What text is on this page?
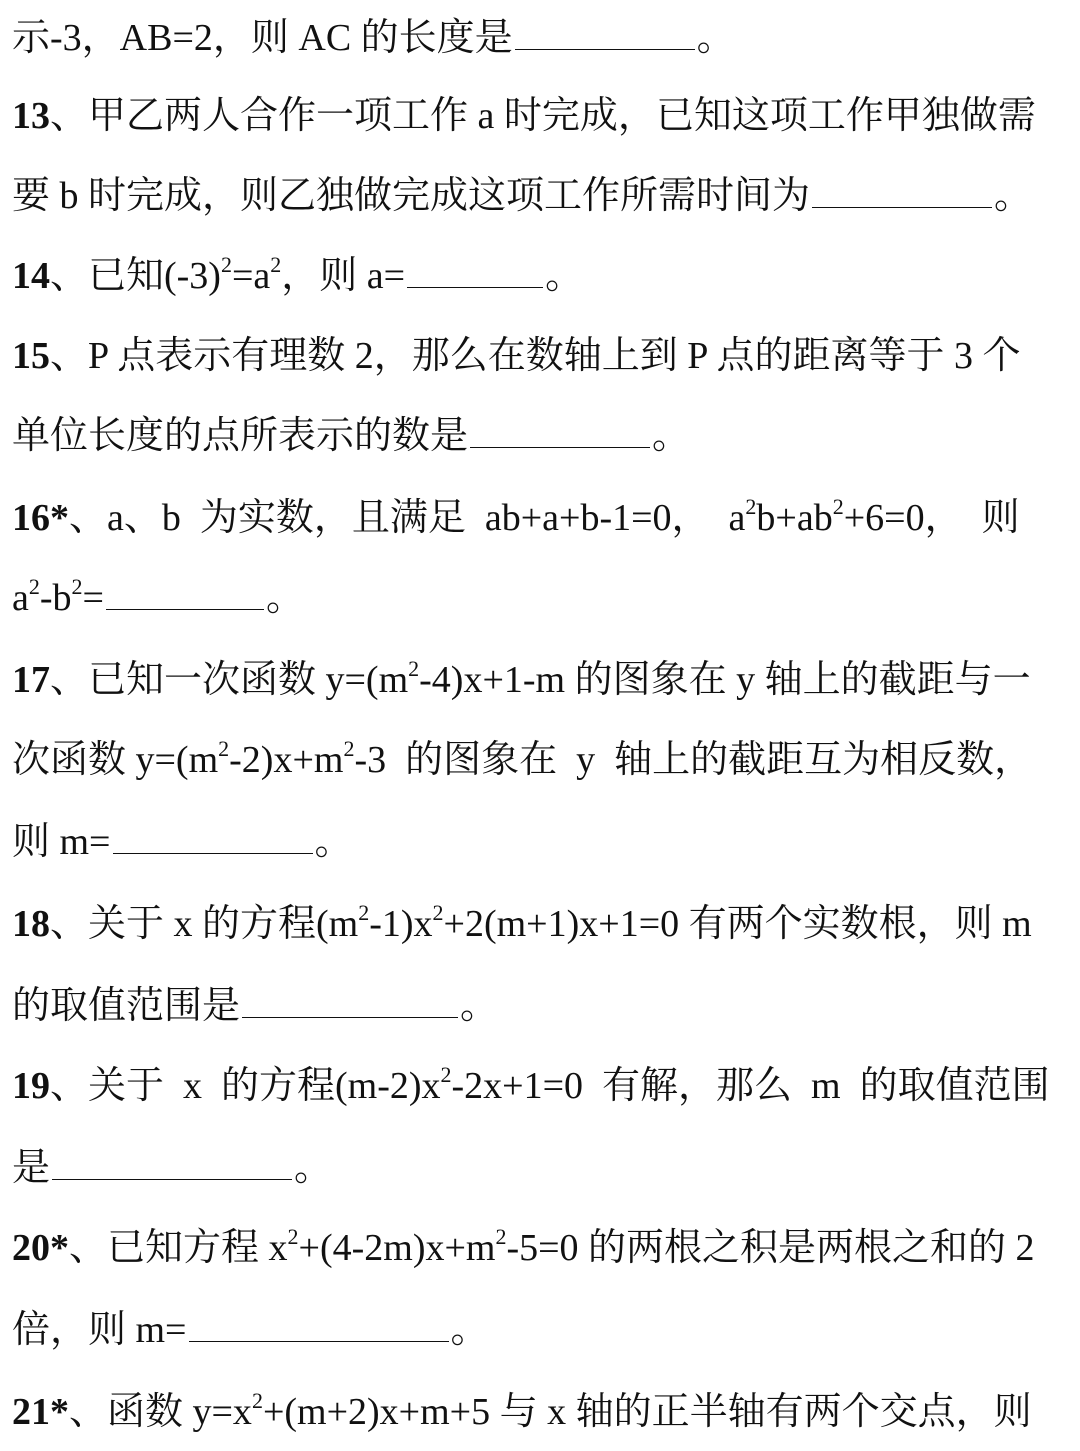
示-3，AB=2，则 AC 的长度是	。
13、甲乙两人合作一项工作 a 时完成，已知这项工作甲独做需
要 b 时完成，则乙独做完成这项工作所需时间为	。
14、已知$(-3)^2=a^2$，则 a=	。
15、P 点表示有理数 2，那么在数轴上到 P 点的距离等于 3 个
单位长度的点所表示的数是	。
16*、a、b  为实数，且满足  ab+a+b-1=0，  $a^2b+ab^2+6=0$，  则
$a^2-b^2=$	。
17、已知一次函数 $y=(m^2-4)x+1-m$ 的图象在 y 轴上的截距与一
次函数 $y=(m^2-2)x+m^2-3$  的图象在  y  轴上的截距互为相反数，
则 m=	。
18、关于 x 的方程$(m^2-1)x^2+2(m+1)x+1=0$ 有两个实数根，则 m
的取值范围是	。
19、关于  x  的方程$(m-2)x^2-2x+1=0$  有解，那么  m  的取值范围
是	。
20*、已知方程 $x^2+(4-2m)x+m^2-5=0$ 的两根之积是两根之和的 2
倍，则 m=	。
21*、函数 $y=x^2+(m+2)x+m+5$ 与 x 轴的正半轴有两个交点，则
